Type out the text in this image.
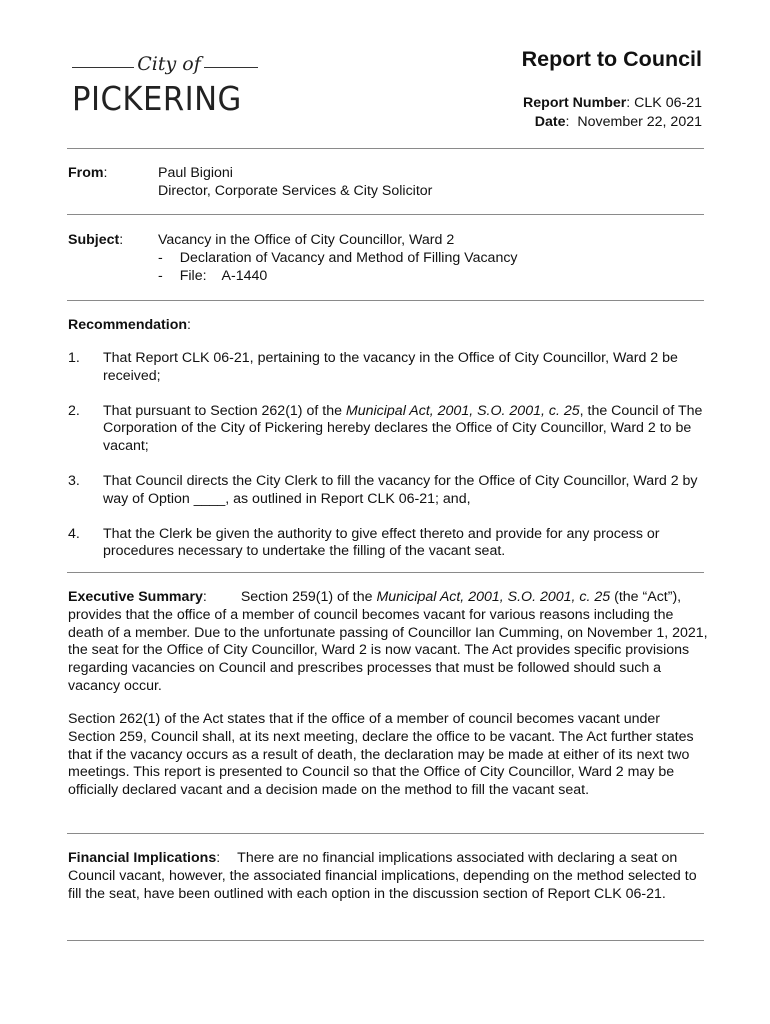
City of
PICKERING
Report to Council
Report Number: CLK 06-21
Date:  November 22, 2021
From:	Paul Bigioni
Director, Corporate Services & City Solicitor
Subject: Vacancy in the Office of City Councillor, Ward 2
- Declaration of Vacancy and Method of Filling Vacancy
- File: A-1440
Recommendation:
1. That Report CLK 06-21, pertaining to the vacancy in the Office of City Councillor, Ward 2 be received;
2. That pursuant to Section 262(1) of the Municipal Act, 2001, S.O. 2001, c. 25, the Council of The Corporation of the City of Pickering hereby declares the Office of City Councillor, Ward 2 to be vacant;
3. That Council directs the City Clerk to fill the vacancy for the Office of City Councillor, Ward 2 by way of Option ____, as outlined in Report CLK 06-21; and,
4. That the Clerk be given the authority to give effect thereto and provide for any process or procedures necessary to undertake the filling of the vacant seat.
Executive Summary: Section 259(1) of the Municipal Act, 2001, S.O. 2001, c. 25 (the “Act”), provides that the office of a member of council becomes vacant for various reasons including the death of a member. Due to the unfortunate passing of Councillor Ian Cumming, on November 1, 2021, the seat for the Office of City Councillor, Ward 2 is now vacant. The Act provides specific provisions regarding vacancies on Council and prescribes processes that must be followed should such a vacancy occur.
Section 262(1) of the Act states that if the office of a member of council becomes vacant under Section 259, Council shall, at its next meeting, declare the office to be vacant. The Act further states that if the vacancy occurs as a result of death, the declaration may be made at either of its next two meetings. This report is presented to Council so that the Office of City Councillor, Ward 2 may be officially declared vacant and a decision made on the method to fill the vacant seat.
Financial Implications: There are no financial implications associated with declaring a seat on Council vacant, however, the associated financial implications, depending on the method selected to fill the seat, have been outlined with each option in the discussion section of Report CLK 06-21.
